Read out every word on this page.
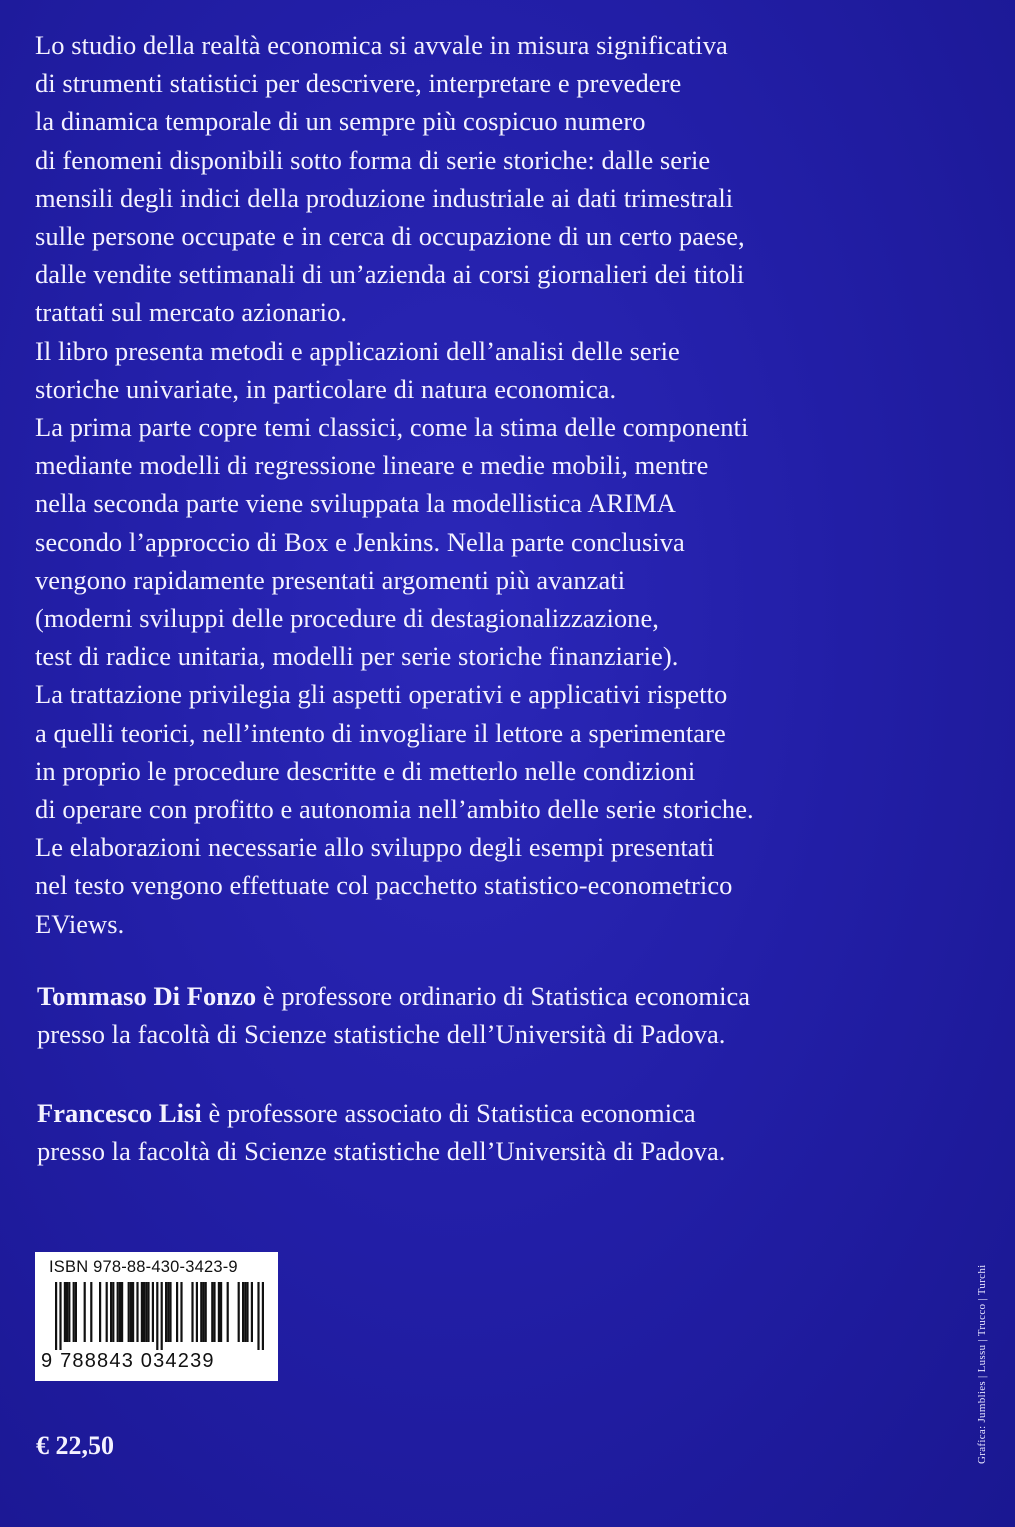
Lo studio della realtà economica si avvale in misura significativa
di strumenti statistici per descrivere, interpretare e prevedere
la dinamica temporale di un sempre più cospicuo numero
di fenomeni disponibili sotto forma di serie storiche: dalle serie
mensili degli indici della produzione industriale ai dati trimestrali
sulle persone occupate e in cerca di occupazione di un certo paese,
dalle vendite settimanali di un’azienda ai corsi giornalieri dei titoli
trattati sul mercato azionario.
Il libro presenta metodi e applicazioni dell’analisi delle serie
storiche univariate, in particolare di natura economica.
La prima parte copre temi classici, come la stima delle componenti
mediante modelli di regressione lineare e medie mobili, mentre
nella seconda parte viene sviluppata la modellistica ARIMA
secondo l’approccio di Box e Jenkins. Nella parte conclusiva
vengono rapidamente presentati argomenti più avanzati
(moderni sviluppi delle procedure di destagionalizzazione,
test di radice unitaria, modelli per serie storiche finanziarie).
La trattazione privilegia gli aspetti operativi e applicativi rispetto
a quelli teorici, nell’intento di invogliare il lettore a sperimentare
in proprio le procedure descritte e di metterlo nelle condizioni
di operare con profitto e autonomia nell’ambito delle serie storiche.
Le elaborazioni necessarie allo sviluppo degli esempi presentati
nel testo vengono effettuate col pacchetto statistico-econometrico
EViews.
Tommaso Di Fonzo è professore ordinario di Statistica economica
presso la facoltà di Scienze statistiche dell’Università di Padova.
Francesco Lisi è professore associato di Statistica economica
presso la facoltà di Scienze statistiche dell’Università di Padova.
ISBN 978-88-430-3423-9
9 788843 034239
€ 22,50	Grafica: Jumblies | Lussu | Trucco | Turchi
